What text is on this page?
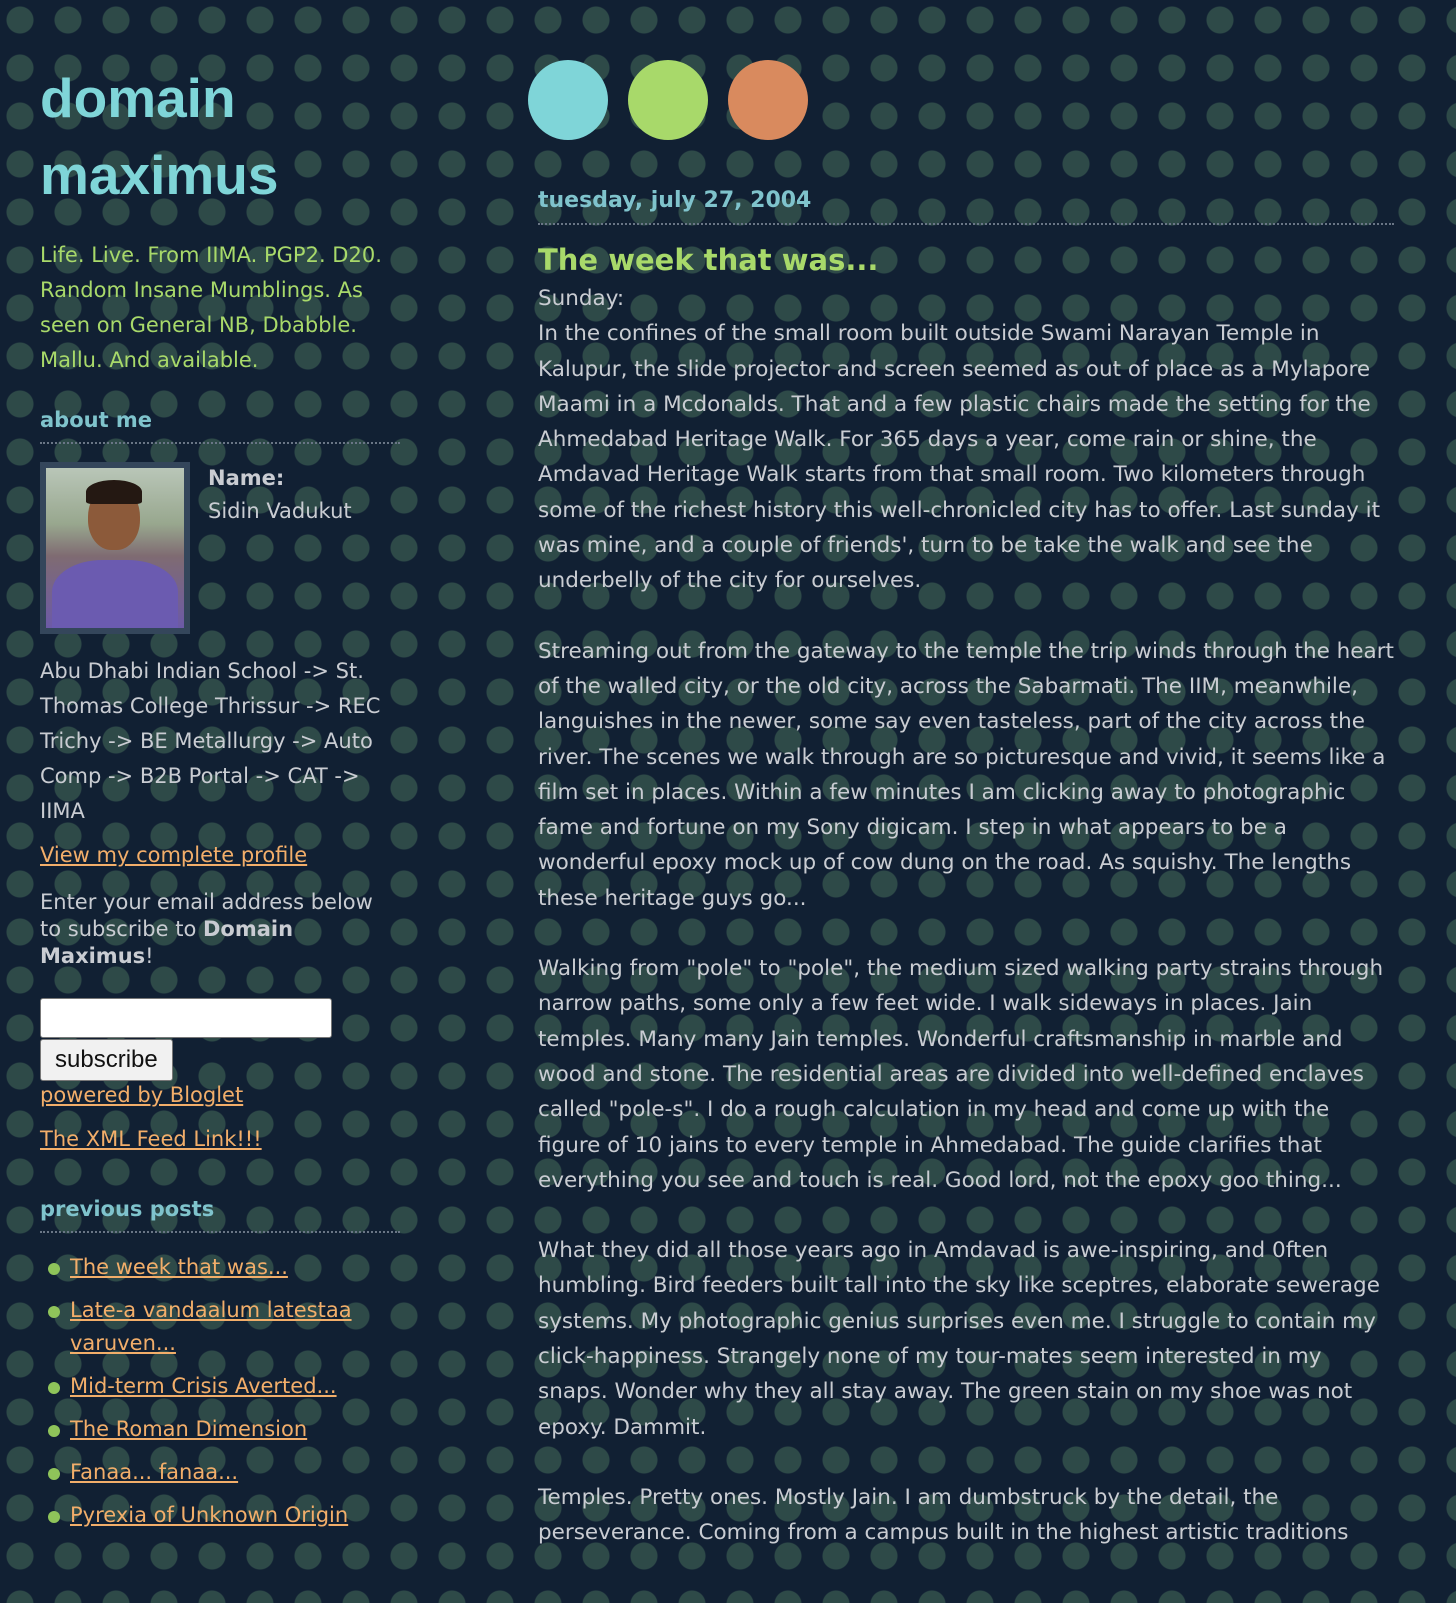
domain
maximus
Life. Live. From IIMA. PGP2. D20. Random Insane Mumblings. As seen on General NB, Dbabble. Mallu. And available.
about me
Name:
Sidin Vadukut
Abu Dhabi Indian School -> St. Thomas College Thrissur -> REC Trichy -> BE Metallurgy -> Auto Comp -> B2B Portal -> CAT -> IIMA
View my complete profile
Enter your email address below to subscribe to Domain Maximus!
subscribe
powered by Bloglet
The XML Feed Link!!!
previous posts
The week that was...
Late-a vandaalum latestaa varuven...
Mid-term Crisis Averted...
The Roman Dimension
Fanaa... fanaa...
Pyrexia of Unknown Origin
tuesday, july 27, 2004
The week that was...
Sunday:

In the confines of the small room built outside Swami Narayan Temple in Kalupur, the slide projector and screen seemed as out of place as a Mylapore Maami in a Mcdonalds. That and a few plastic chairs made the setting for the Ahmedabad Heritage Walk. For 365 days a year, come rain or shine, the Amdavad Heritage Walk starts from that small room. Two kilometers through some of the richest history this well-chronicled city has to offer. Last sunday it was mine, and a couple of friends', turn to be take the walk and see the underbelly of the city for ourselves.

Streaming out from the gateway to the temple the trip winds through the heart of the walled city, or the old city, across the Sabarmati. The IIM, meanwhile, languishes in the newer, some say even tasteless, part of the city across the river. The scenes we walk through are so picturesque and vivid, it seems like a film set in places. Within a few minutes I am clicking away to photographic fame and fortune on my Sony digicam. I step in what appears to be a wonderful epoxy mock up of cow dung on the road. As squishy. The lengths these heritage guys go...

Walking from "pole" to "pole", the medium sized walking party strains through narrow paths, some only a few feet wide. I walk sideways in places. Jain temples. Many many Jain temples. Wonderful craftsmanship in marble and wood and stone. The residential areas are divided into well-defined enclaves called "pole-s". I do a rough calculation in my head and come up with the figure of 10 jains to every temple in Ahmedabad. The guide clarifies that everything you see and touch is real. Good lord, not the epoxy goo thing...

What they did all those years ago in Amdavad is awe-inspiring, and 0ften humbling. Bird feeders built tall into the sky like sceptres, elaborate sewerage systems. My photographic genius surprises even me. I struggle to contain my click-happiness. Strangely none of my tour-mates seem interested in my snaps. Wonder why they all stay away. The green stain on my shoe was not epoxy. Dammit.

Temples. Pretty ones. Mostly Jain. I am dumbstruck by the detail, the perseverance. Coming from a campus built in the highest artistic traditions
